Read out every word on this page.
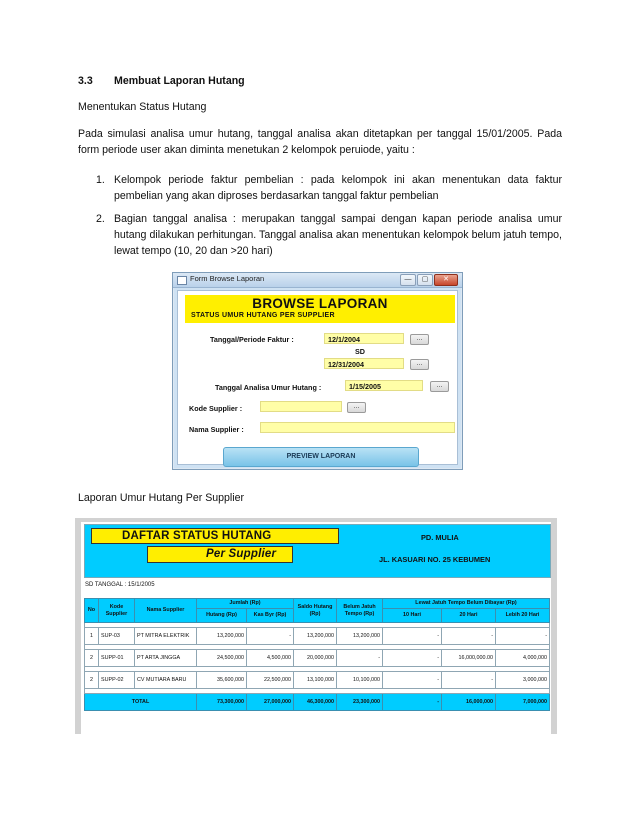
3.3 Membuat Laporan Hutang
Menentukan Status Hutang
Pada simulasi analisa umur hutang, tanggal analisa akan ditetapkan per tanggal 15/01/2005. Pada form periode user akan diminta menetukan 2 kelompok peruiode, yaitu :
1. Kelompok periode faktur pembelian : pada kelompok ini akan menentukan data faktur pembelian yang akan diproses berdasarkan tanggal faktur pembelian
2. Bagian tanggal analisa : merupakan tanggal sampai dengan kapan periode analisa umur hutang dilakukan perhitungan. Tanggal analisa akan menentukan kelompok belum jatuh tempo, lewat tempo (10, 20 dan >20 hari)
Form Browse Laporan	—	▢	✕
BROWSE LAPORAN
STATUS UMUR HUTANG PER SUPPLIER
Tanggal/Periode Faktur :	12/1/2004	...
SD
12/31/2004	...
Tanggal Analisa Umur Hutang :	1/15/2005	...
Kode Supplier :	...
Nama Supplier :
PREVIEW LAPORAN
Laporan Umur Hutang Per Supplier
DAFTAR STATUS HUTANG
Per Supplier
PD. MULIA
JL. KASUARI NO. 25 KEBUMEN
SD TANGGAL : 15/1/2005
No	Kode Supplier	Nama Supplier	Jumlah (Rp)		Saldo Hutang (Rp)	Belum Jatuh Tempo (Rp)	Lewat Jatuh Tempo Belum Dibayar (Rp)		
			Hutang (Rp)	Kas Byr (Rp)			10 Hari	20 Hari	Lebih 20 Hari

1	SUP-03	PT MITRA ELEKTRIK	13,200,000	-	13,200,000	13,200,000	-	-	-

2	SUPP-01	PT ARTA JINGGA	24,500,000	4,500,000	20,000,000	-	-	16,000,000.00	4,000,000

2	SUPP-02	CV MUTIARA BARU	35,600,000	22,500,000	13,100,000	10,100,000	-	-	3,000,000

TOTAL			73,300,000	27,000,000	46,300,000	23,300,000	-	16,000,000	7,000,000
